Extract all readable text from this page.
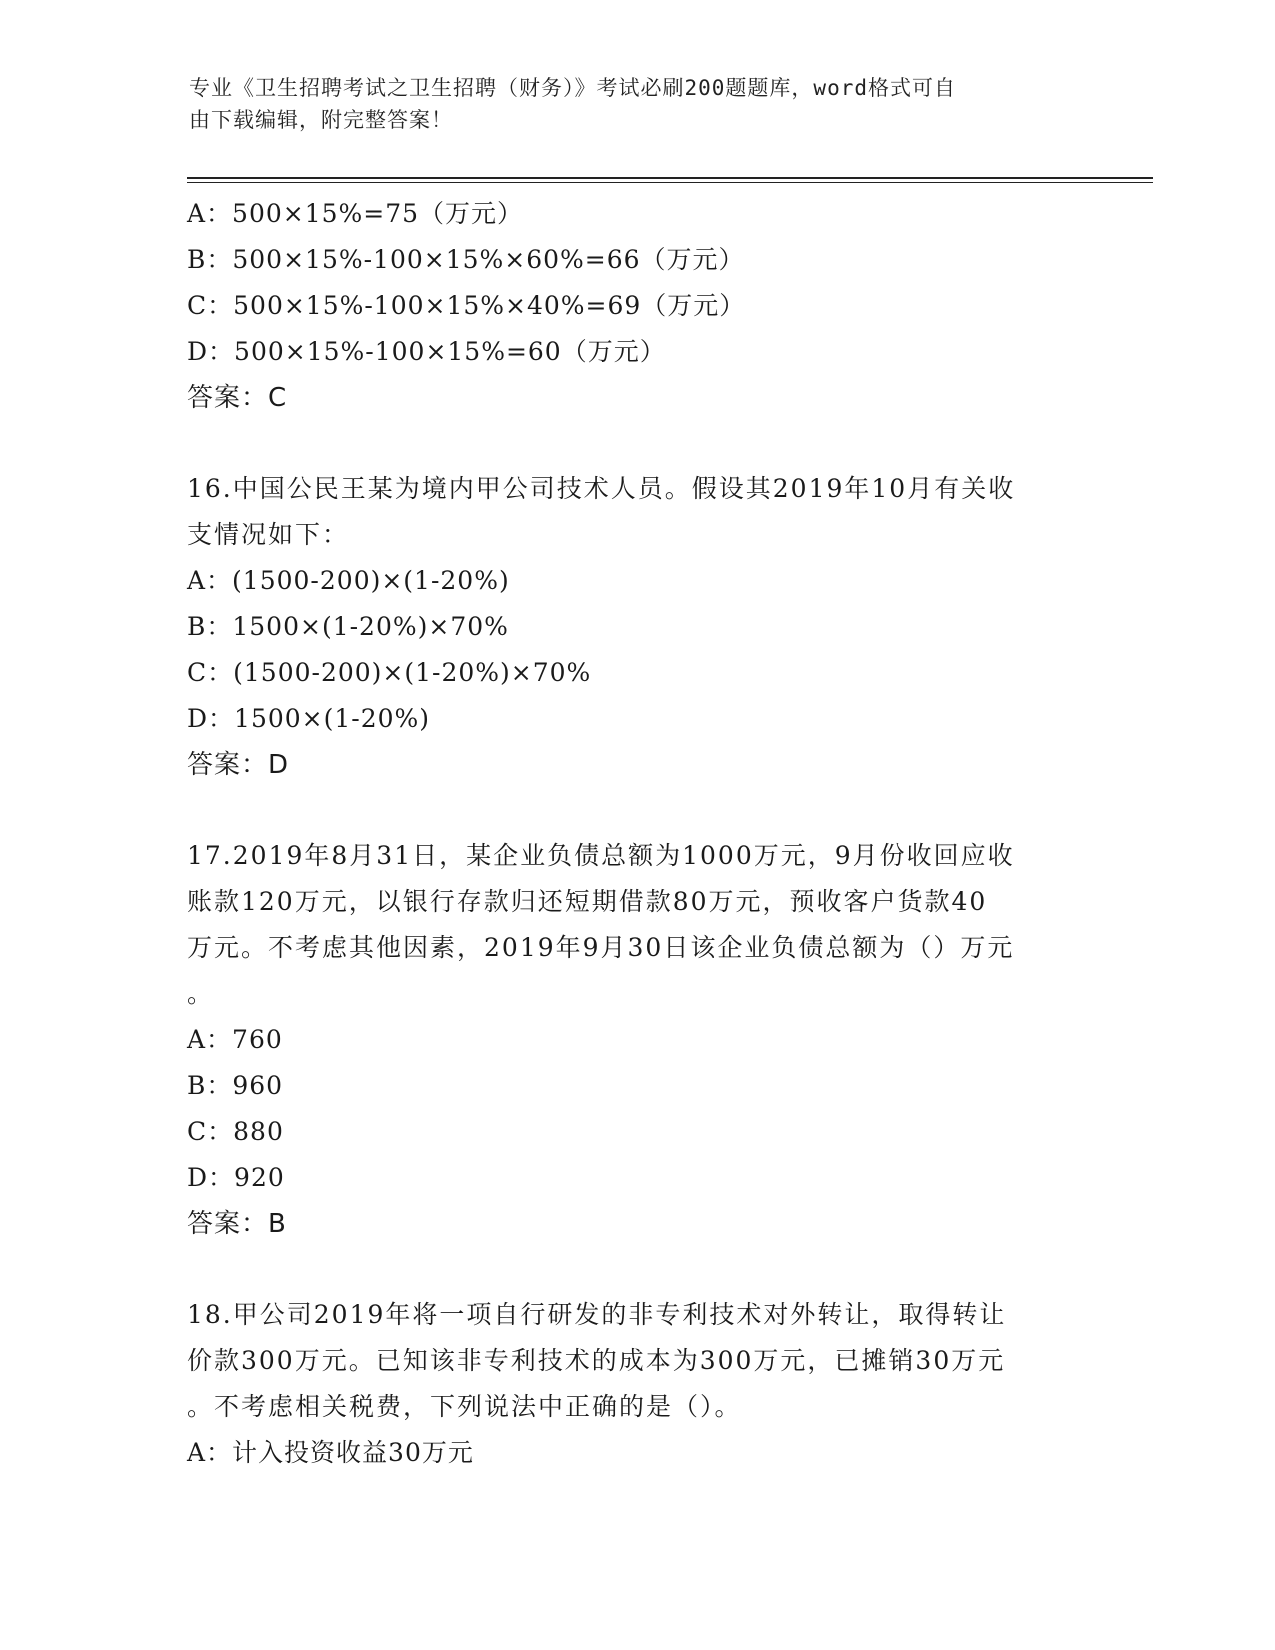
专业《卫生招聘考试之卫生招聘（财务）》考试必刷200题题库，word格式可自
由下载编辑，附完整答案！
A：500×15%=75（万元）
B：500×15%-100×15%×60%=66（万元）
C：500×15%-100×15%×40%=69（万元）
D：500×15%-100×15%=60（万元）
答案：C
16.中国公民王某为境内甲公司技术人员。假设其2019年10月有关收
支情况如下：
A：(1500-200)×(1-20%)
B：1500×(1-20%)×70%
C：(1500-200)×(1-20%)×70%
D：1500×(1-20%)
答案：D
17.2019年8月31日，某企业负债总额为1000万元，9月份收回应收
账款120万元，以银行存款归还短期借款80万元，预收客户货款40
万元。不考虑其他因素，2019年9月30日该企业负债总额为（）万元
。
A：760
B：960
C：880
D：920
答案：B
18.甲公司2019年将一项自行研发的非专利技术对外转让，取得转让
价款300万元。已知该非专利技术的成本为300万元，已摊销30万元
。不考虑相关税费，下列说法中正确的是（）。
A：计入投资收益30万元
